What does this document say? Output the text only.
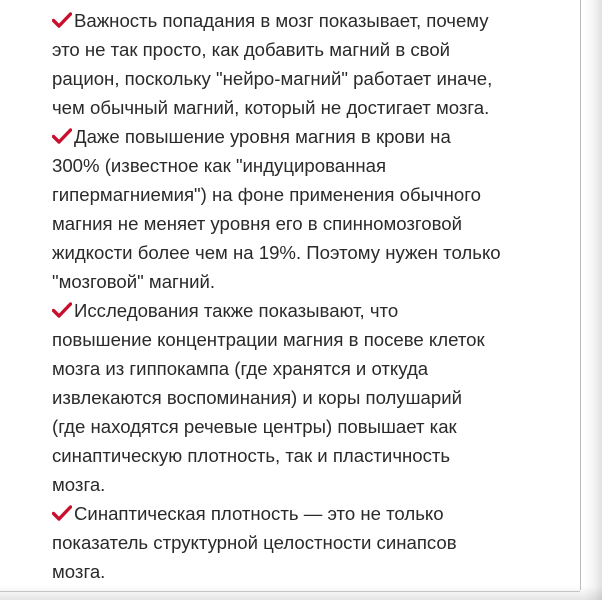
Важность попадания в мозг показывает, почему
это не так просто, как добавить магний в свой
рацион, поскольку "нейро-магний" работает иначе,
чем обычный магний, который не достигает мозга.
Даже повышение уровня магния в крови на
300% (известное как "индуцированная
гипермагниемия") на фоне применения обычного
магния не меняет уровня его в спинномозговой
жидкости более чем на 19%. Поэтому нужен только
"мозговой" магний.
Исследования также показывают, что
повышение концентрации магния в посеве клеток
мозга из гиппокампа (где хранятся и откуда
извлекаются воспоминания) и коры полушарий
(где находятся речевые центры) повышает как
синаптическую плотность, так и пластичность
мозга.
Синаптическая плотность — это не только
показатель структурной целостности синапсов
мозга.
